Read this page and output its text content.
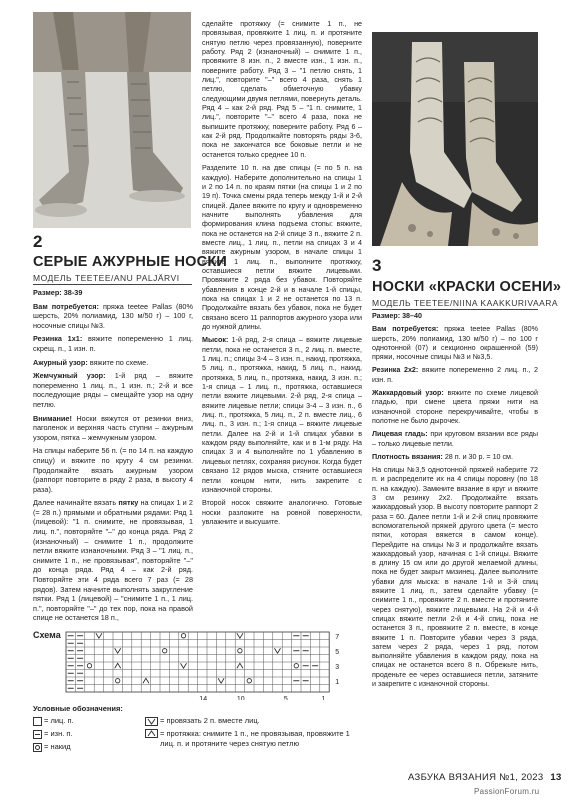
2
СЕРЫЕ АЖУРНЫЕ НОСКИ
МОДЕЛЬ TEETEE/ANU PALJÄRVI

Размер: 38-39

Вам потребуется: пряжа teetee Pallas (80% шерсть, 20% полиамид, 130 м/50 г) – 100 г, носочные спицы №3.

Резинка 1х1: вяжите попеременно 1 лиц. скрещ. п., 1 изн. п.

Ажурный узор: вяжите по схеме.

Жемчужный узор: 1-й ряд – вяжите попеременно 1 лиц. п., 1 изн. п.; 2-й и все последующие ряды – смещайте узор на одну петлю.

Внимание! Носки вяжутся от резинки вниз, паголенок и верхняя часть ступни – ажурным узором, пятка – жемчужным узором.

На спицы наберите 56 п. (= по 14 п. на каждую спицу) и вяжите по кругу 4 см резинки. Продолжайте вязать ажурным узором (раппорт повторите в ряду 2 раза, в высоту 4 раза).

Далее начинайте вязать пятку на спицах 1 и 2 (= 28 п.) прямыми и обратными рядами: Ряд 1 (лицевой): "1 п. снимите, не провязывая, 1 лиц. п.", повторяйте "–" до конца ряда. Ряд 2 (изнаночный) – снимите 1 п., продолжите петли вяжите изнаночными. Ряд 3 – "1 лиц. п., снимите 1 п., не провязывая", повторяйте "–" до конца ряда. Ряд 4 – как 2-й ряд. Повторяйте эти 4 ряда всего 7 раз (= 28 рядов). Затем начните выполнять закругление пятки. Ряд 1 (лицевой) – "снимите 1 п., 1 лиц. п.", повторяйте "–" до тех пор, пока на правой спице не останется 18 п.,

сделайте протяжку (= снимите 1 п., не провязывая, провяжите 1 лиц. п. и протяните снятую петлю через провязанную), поверните работу. Ряд 2 (изнаночный) – снимите 1 п., провяжите 8 изн. п., 2 вместе изн., 1 изн. п., поверните работу. Ряд 3 – "1 петлю снять, 1 лиц.", повторите "–" всего 4 раза, снять 1 петлю, сделать обметочную убавку следующими двумя петлями, повернуть деталь. Ряд 4 – как 2-й ряд. Ряд 5 – "1 п. снимите, 1 лиц.", повторите "–" всего 4 раза, пока не выпишите протяжку, поверните работу. Ряд 6 – как 2-й ряд. Продолжайте повторять ряды 3-6, пока не закончатся все боковые петли и не останется только среднее 10 п.

Разделите 10 п. на две спицы (= по 5 п. на каждую). Наберите дополнительно на спицы 1 и 2 по 14 п. по краям пятки (на спицы 1 и 2 по 19 п). Точка смены ряда теперь между 1-й и 2-й спицей. Далее вяжите по кругу и одновременно начните выполнять убавления для формирования клина подъема стопы: вяжите, пока не останется на 2-й спице 3 п., вяжите 2 п. вместе лиц., 1 лиц. п., петли на спицах 3 и 4 вяжите ажурным узором, в начале спицы 1 вяжите 1 лиц. п., выполните протяжку, оставшиеся петли вяжите лицевыми. Провяжите 2 ряда без убавок. Повторяйте убавления в конце 2-й и в начале 1-й спицы, пока на спицах 1 и 2 не останется по 13 п. Продолжайте вязать без убавок, пока не будет связано всего 11 раппортов ажурного узора или до нужной длины.

Мысок: 1-й ряд, 2-я спица – вяжите лицевые петли, пока не останется 3 п., 2 лиц. п. вместе, 1 лиц. п.; спицы 3-4 – 3 изн. п., накид, протяжка, 5 лиц. п., протяжка, накид, 5 лиц. п., накид, протяжка, 5 лиц. п., протяжка, накид, 3 изн. п.; 1-я спица – 1 лиц. п., протяжка, оставшиеся петли вяжите лицевыми. 2-й ряд, 2-я спица – вяжите лицевые петли; спицы 3-4 – 3 изн. п., 6 лиц. п., протяжка, 5 лиц. п., 2 п. вместе лиц., 6 лиц. п., 3 изн. п.; 1-я спица – вяжите лицевые петли. Далее на 2-й и 1-й спицах убавки в каждом ряду выполняйте, как и в 1-м ряду. На спицах 3 и 4 выполняйте по 1 убавлению в лицевых петлях, сохраняя рисунок. Когда будет связано 12 рядов мыска, стяните оставшиеся петли концом нити, нить закрепите с изнаночной стороны.

Второй носок свяжите аналогично. Готовые носки разложите на ровной поверхности, увлажните и высушите.

3
НОСКИ «КРАСКИ ОСЕНИ»
МОДЕЛЬ TEETEE/NIINA KAAKKURIVAARA

Размер: 38–40

Вам потребуется: пряжа teetee Pallas (80% шерсть, 20% полиамид, 130 м/50 г) – по 100 г однотонной (07) и секционно окрашенной (59) пряжи, носочные спицы №3 и №3,5.

Резинка 2х2: вяжите попеременно 2 лиц. п., 2 изн. п.

Жаккардовый узор: вяжите по схеме лицевой гладью, при смене цвета пряжи нити на изнаночной стороне перекручивайте, чтобы в полотне не было дырочек.

Лицевая гладь: при круговом вязании все ряды – только лицевые петли.

Плотность вязания: 28 п. и 30 р. = 10 см.

На спицы №3,5 однотонной пряжей наберите 72 п. и распределите их на 4 спицы поровну (по 18 п. на каждую). Замкните вязание в круг и вяжите 3 см резинку 2х2. Продолжайте вязать жаккардовый узор. В высоту повторите раппорт 2 раза = 60. Далее петли 1-й и 2-й спиц провяжите вспомогательной пряжей другого цвета (= место пятки, которая вяжется в самом конце). Перейдите на спицы №3 и продолжайте вязать жаккардовый узор, начиная с 1-й спицы. Вяжите в длину 15 см или до другой желаемой длины, пока не будет закрыт мизинец. Далее выполните убавки для мыска: в начале 1-й и 3-й спиц вяжите 1 лиц. п., затем сделайте убавку (= снимите 1 п., провяжите 2 п. вместе и протяните через снятую), вяжите лицевыми. На 2-й и 4-й спицах вяжите петли 2-й и 4-й спиц, пока не останется 3 п., провяжите 2 п. вместе, в конце вяжите 1 п. Повторите убавки через 3 ряда, затем через 2 ряда, через 1 ряд, потом выполняйте убавления в каждом ряду, пока на спицах не останется всего 8 п. Обрежьте нить, проденьте ее через оставшиеся петли, затяните и закрепите с изнаночной стороны.

Схема	7
5
3
1
14	10	5	1
Условные обозначения:
= лиц. п.
= изн. п.
= накид
= провязать 2 п. вместе лиц.
= протяжка: снимите 1 п., не провязывая, провяжите 1 лиц. п. и протяните через снятую петлю
АЗБУКА ВЯЗАНИЯ №1, 2023 13
PassionForum.ru
